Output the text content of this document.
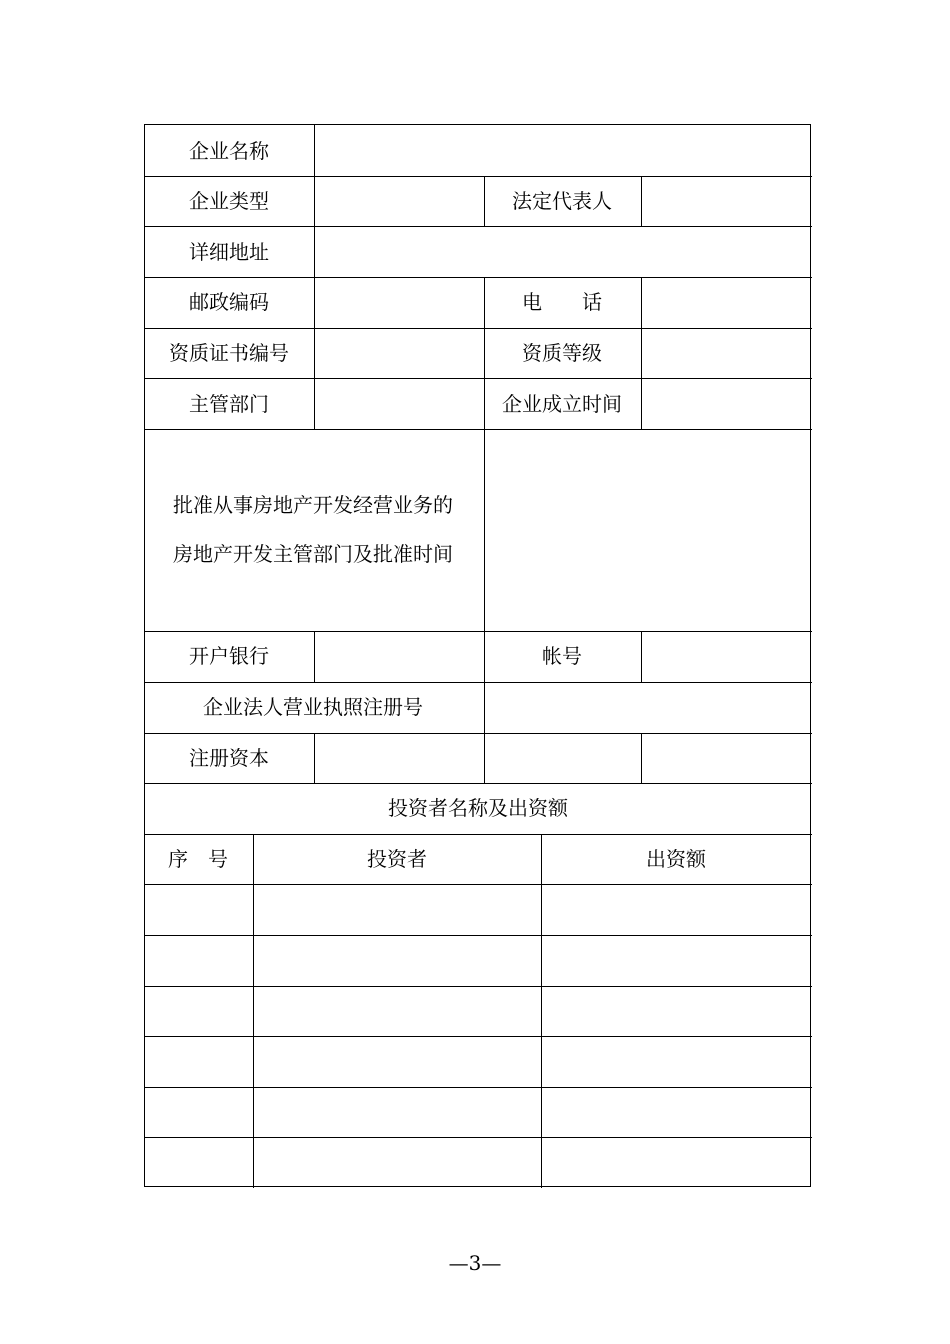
企业名称
企业类型	法定代表人
详细地址
邮政编码	电　　话
资质证书编号	资质等级
主管部门	企业成立时间
批准从事房地产开发经营业务的
房地产开发主管部门及批准时间
开户银行	帐号
企业法人营业执照注册号
注册资本
投资者名称及出资额
序　号	投资者	出资额
—3—
